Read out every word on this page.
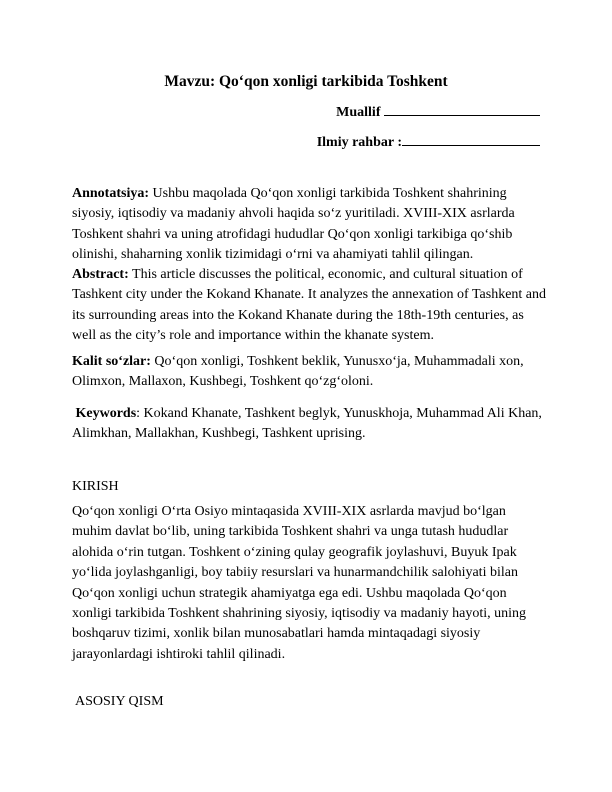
Mavzu: Qo‘qon xonligi tarkibida Toshkent
Muallif
Ilmiy rahbar :
Annotatsiya: Ushbu maqolada Qo‘qon xonligi tarkibida Toshkent shahrining siyosiy, iqtisodiy va madaniy ahvoli haqida so‘z yuritiladi. XVIII-XIX asrlarda Toshkent shahri va uning atrofidagi hududlar Qo‘qon xonligi tarkibiga qo‘shib olinishi, shaharning xonlik tizimidagi o‘rni va ahamiyati tahlil qilingan.
Abstract: This article discusses the political, economic, and cultural situation of Tashkent city under the Kokand Khanate. It analyzes the annexation of Tashkent and its surrounding areas into the Kokand Khanate during the 18th-19th centuries, as well as the city’s role and importance within the khanate system.
Kalit so‘zlar: Qo‘qon xonligi, Toshkent beklik, Yunusxo‘ja, Muhammadali xon, Olimxon, Mallaxon, Kushbegi, Toshkent qo‘zg‘oloni.
Keywords: Kokand Khanate, Tashkent beglyk, Yunuskhoja, Muhammad Ali Khan, Alimkhan, Mallakhan, Kushbegi, Tashkent uprising.
KIRISH
Qo‘qon xonligi O‘rta Osiyo mintaqasida XVIII-XIX asrlarda mavjud bo‘lgan muhim davlat bo‘lib, uning tarkibida Toshkent shahri va unga tutash hududlar alohida o‘rin tutgan. Toshkent o‘zining qulay geografik joylashuvi, Buyuk Ipak yo‘lida joylashganligi, boy tabiiy resurslari va hunarmandchilik salohiyati bilan Qo‘qon xonligi uchun strategik ahamiyatga ega edi. Ushbu maqolada Qo‘qon xonligi tarkibida Toshkent shahrining siyosiy, iqtisodiy va madaniy hayoti, uning boshqaruv tizimi, xonlik bilan munosabatlari hamda mintaqadagi siyosiy jarayonlardagi ishtiroki tahlil qilinadi.
ASOSIY QISM
